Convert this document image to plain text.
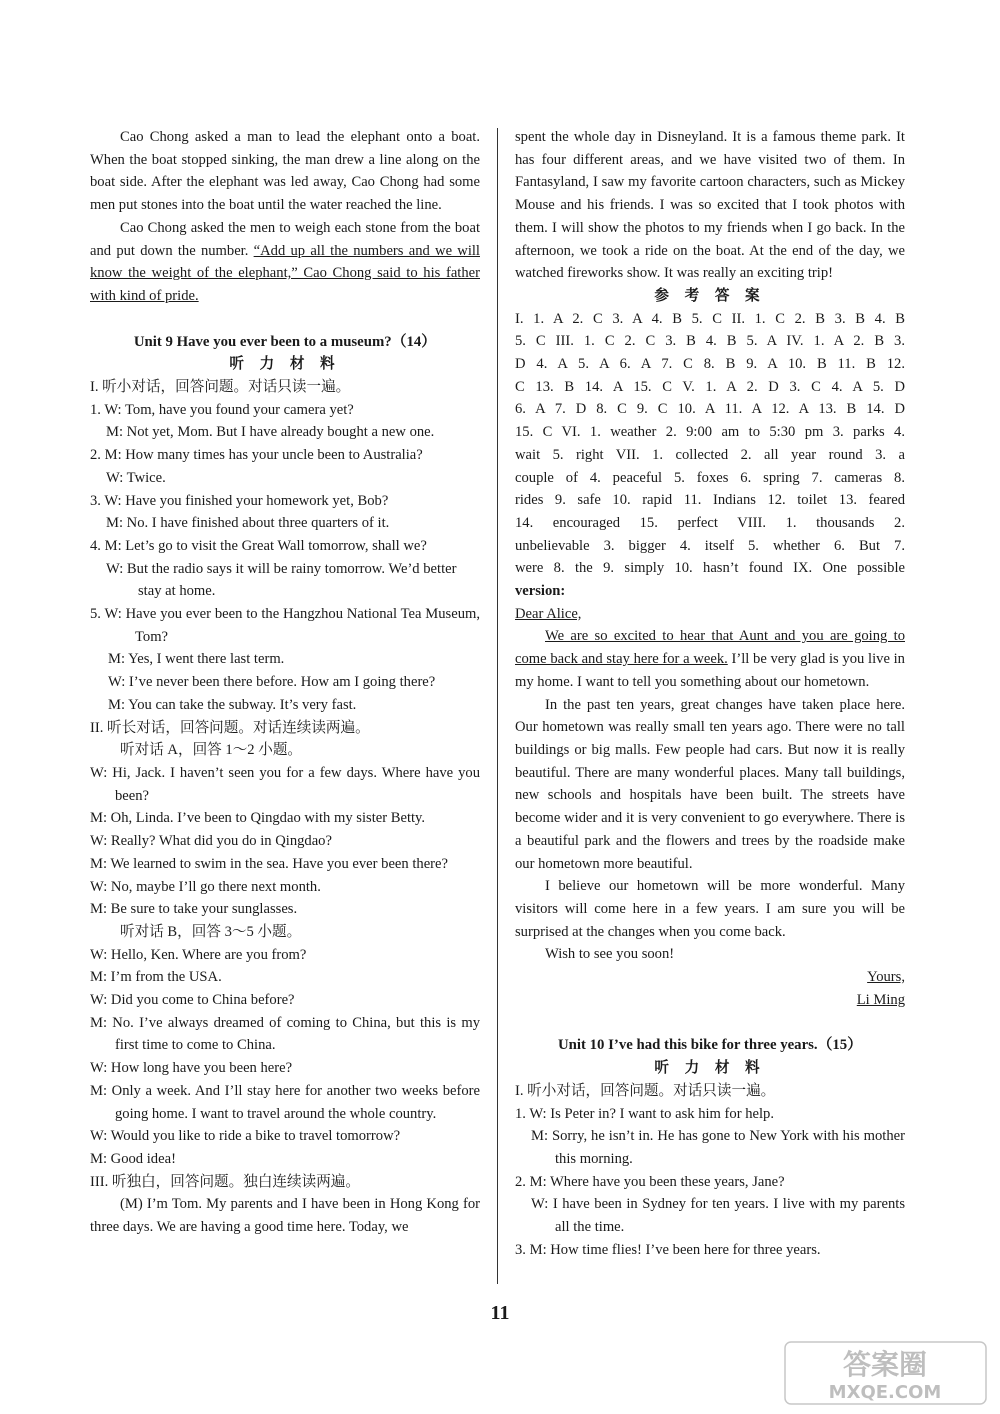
Cao Chong asked a man to lead the elephant onto a boat. When the boat stopped sinking, the man drew a line along on the boat side. After the elephant was led away, Cao Chong had some men put stones into the boat until the water reached the line.

Cao Chong asked the men to weigh each stone from the boat and put down the number. “Add up all the numbers and we will know the weight of the elephant,” Cao Chong said to his father with kind of pride.

Unit 9 Have you ever been to a museum?（14）

听 力 材 料

I. 听小对话，回答问题。对话只读一遍。

1. W: Tom, have you found your camera yet?

M: Not yet, Mom. But I have already bought a new one.

2. M: How many times has your uncle been to Australia?

W: Twice.

3. W: Have you finished your homework yet, Bob?

M: No. I have finished about three quarters of it.

4. M: Let’s go to visit the Great Wall tomorrow, shall we?

W: But the radio says it will be rainy tomorrow. We’d better stay at home.

5. W: Have you ever been to the Hangzhou National Tea Museum, Tom?

M: Yes, I went there last term.

W: I’ve never been there before. How am I going there?

M: You can take the subway. It’s very fast.

II. 听长对话，回答问题。对话连续读两遍。

听对话 A，回答 1～2 小题。

W: Hi, Jack. I haven’t seen you for a few days. Where have you been?

M: Oh, Linda. I’ve been to Qingdao with my sister Betty.

W: Really? What did you do in Qingdao?

M: We learned to swim in the sea. Have you ever been there?

W: No, maybe I’ll go there next month.

M: Be sure to take your sunglasses.

听对话 B，回答 3～5 小题。

W: Hello, Ken. Where are you from?

M: I’m from the USA.

W: Did you come to China before?

M: No. I’ve always dreamed of coming to China, but this is my first time to come to China.

W: How long have you been here?

M: Only a week. And I’ll stay here for another two weeks before going home. I want to travel around the whole country.

W: Would you like to ride a bike to travel tomorrow?

M: Good idea!

III. 听独白，回答问题。独白连续读两遍。

(M) I’m Tom. My parents and I have been in Hong Kong for three days. We are having a good time here. Today, we

spent the whole day in Disneyland. It is a famous theme park. It has four different areas, and we have visited two of them. In Fantasyland, I saw my favorite cartoon characters, such as Mickey Mouse and his friends. I was so excited that I took photos with them. I will show the photos to my friends when I go back. In the afternoon, we took a ride on the boat. At the end of the day, we watched fireworks show. It was really an exciting trip!

参 考 答 案

I. 1. A 2. C 3. A 4. B 5. C II. 1. C 2. B 3. B 4. B

5. C III. 1. C 2. C 3. B 4. B 5. A IV. 1. A 2. B 3.

D 4. A 5. A 6. A 7. C 8. B 9. A 10. B 11. B 12.

C 13. B 14. A 15. C V. 1. A 2. D 3. C 4. A 5. D

6. A 7. D 8. C 9. C 10. A 11. A 12. A 13. B 14. D

15. C VI. 1. weather 2. 9:00 am to 5:30 pm 3. parks 4.

wait 5. right VII. 1. collected 2. all year round 3. a

couple of 4. peaceful 5. foxes 6. spring 7. cameras 8.

rides 9. safe 10. rapid 11. Indians 12. toilet 13. feared

14. encouraged 15. perfect VIII. 1. thousands 2.

unbelievable 3. bigger 4. itself 5. whether 6. But 7.

were 8. the 9. simply 10. hasn’t found IX. One possible

version:

Dear Alice,

We are so excited to hear that Aunt and you are going to come back and stay here for a week. I’ll be very glad is you live in my home. I want to tell you something about our hometown.

In the past ten years, great changes have taken place here. Our hometown was really small ten years ago. There were no tall buildings or big malls. Few people had cars. But now it is really beautiful. There are many wonderful places. Many tall buildings, new schools and hospitals have been built. The streets have become wider and it is very convenient to go everywhere. There is a beautiful park and the flowers and trees by the roadside make our hometown more beautiful.

I believe our hometown will be more wonderful. Many visitors will come here in a few years. I am sure you will be surprised at the changes when you come back.

Wish to see you soon!

Yours,

Li Ming

Unit 10 I’ve had this bike for three years.（15）

听 力 材 料

I. 听小对话，回答问题。对话只读一遍。

1. W: Is Peter in? I want to ask him for help.

M: Sorry, he isn’t in. He has gone to New York with his mother this morning.

2. M: Where have you been these years, Jane?

W: I have been in Sydney for ten years. I live with my parents all the time.

3. M: How time flies! I’ve been here for three years.

11
答案圈
MXQE.COM
